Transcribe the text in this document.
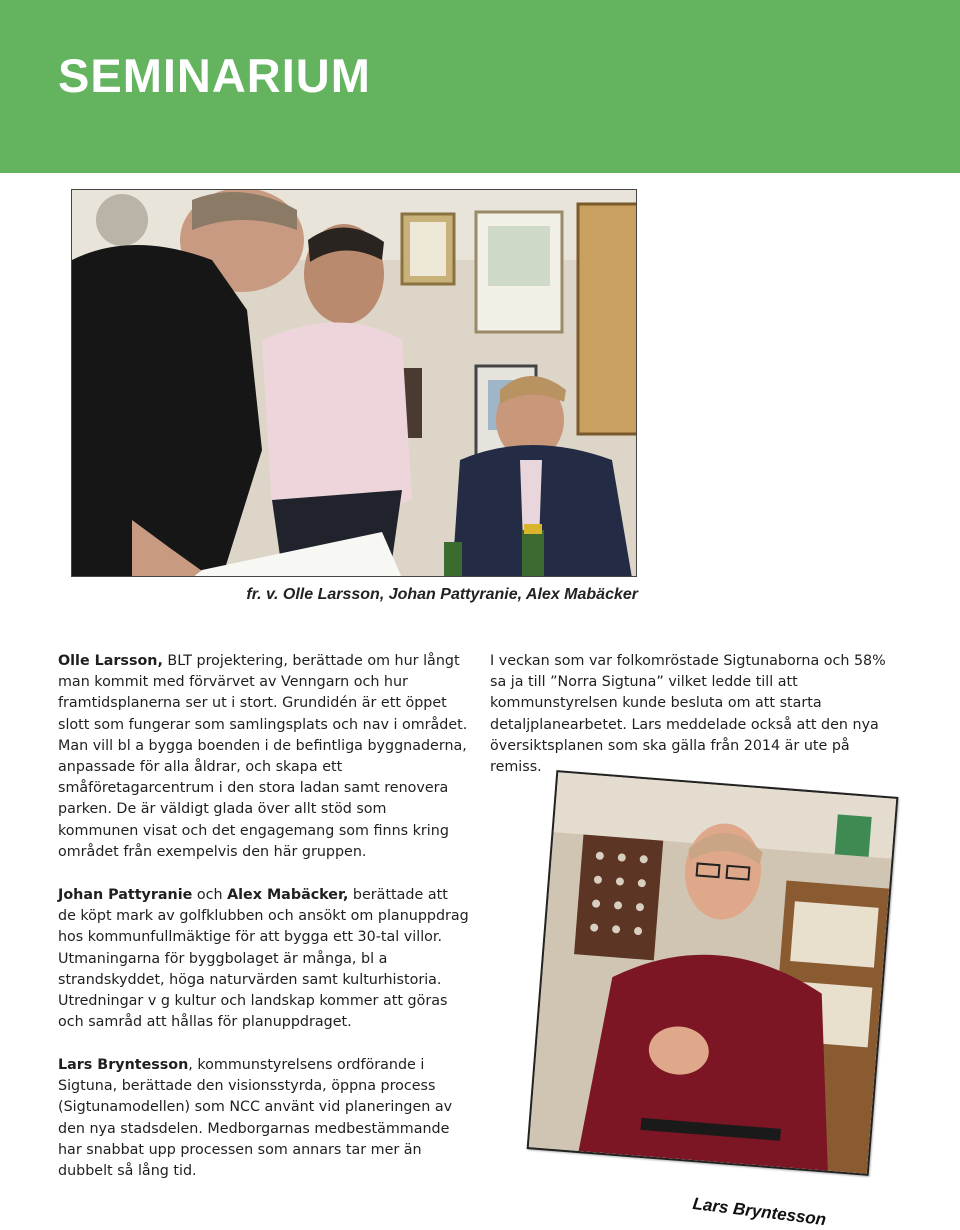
SEMINARIUM
fr. v. Olle Larsson, Johan Pattyranie, Alex Mabäcker

Olle Larsson, BLT projektering, berättade om hur långt man kommit med förvärvet av Venngarn och hur framtidsplanerna ser ut i stort. Grundidén är ett öppet slott som fungerar som samlingsplats och nav i området. Man vill bl a bygga boenden i de befintliga byggnaderna, anpassade för alla åldrar, och skapa ett småföretagarcentrum i den stora ladan samt renovera parken. De är väldigt glada över allt stöd som kommunen visat och det engagemang som finns kring området från exempelvis den här gruppen.

Johan Pattyranie och Alex Mabäcker, berättade att de köpt mark av golfklubben och ansökt om planuppdrag hos kommunfullmäktige för att bygga ett 30-tal villor. Utmaningarna för byggbolaget är många, bl a strandskyddet, höga naturvärden samt kulturhistoria. Utredningar v g kultur och landskap kommer att göras och samråd att hållas för planuppdraget.

Lars Bryntesson, kommunstyrelsens ordförande i Sigtuna, berättade den visionsstyrda, öppna process (Sigtunamodellen) som NCC använt vid planeringen av den nya stadsdelen. Medborgarnas medbestämmande har snabbat upp processen som annars tar mer än dubbelt så lång tid.

I veckan som var folkomröstade Sigtunaborna och 58% sa ja till ”Norra Sigtuna” vilket ledde till att kommunstyrelsen kunde besluta om att starta detaljplanearbetet. Lars meddelade också att den nya översiktsplanen som ska gälla från 2014 är ute på remiss.

Lars Bryntesson
